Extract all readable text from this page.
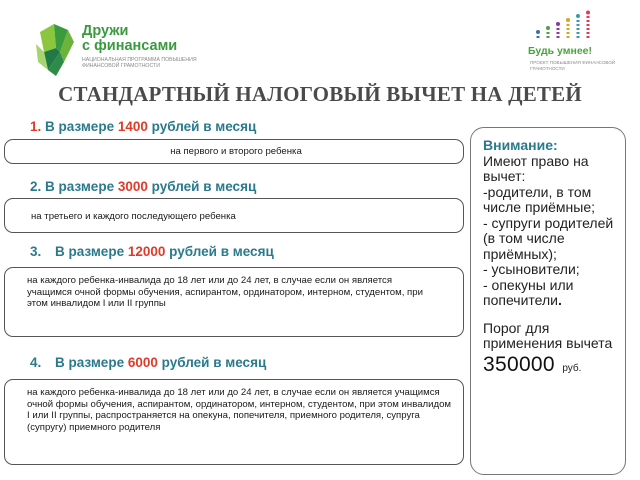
Дружи
с финансами
НАЦИОНАЛЬНАЯ ПРОГРАММА ПОВЫШЕНИЯ ФИНАНСОВОЙ ГРАМОТНОСТИ
Будь умнее!
ПРОЕКТ ПОВЫШЕНИЯ ФИНАНСОВОЙ ГРАМОТНОСТИ
СТАНДАРТНЫЙ НАЛОГОВЫЙ ВЫЧЕТ НА ДЕТЕЙ
1. В размере 1400 рублей в месяц

на первого и второго ребенка

2. В размере 3000 рублей в месяц

на третьего и каждого последующего ребенка

3. В размере 12000 рублей в месяц

на каждого ребенка-инвалида до 18 лет или до 24 лет, в случае если он является учащимся очной формы обучения, аспирантом, ординатором, интерном, студентом, при этом инвалидом I или II группы

4. В размере 6000 рублей в месяц

на каждого ребенка-инвалида до 18 лет или до 24 лет, в случае если он является учащимся очной формы обучения, аспирантом, ординатором, интерном, студентом, при этом инвалидом I или II группы, распространяется на опекуна, попечителя, приемного родителя, супруга (супругу) приемного родителя

Внимание:
Имеют право на вычет:
-родители, в том числе приёмные;
- супруги родителей (в том числе приёмных);
- усыновители;
- опекуны или попечители.
Порог для применения вычета
350000 руб.
